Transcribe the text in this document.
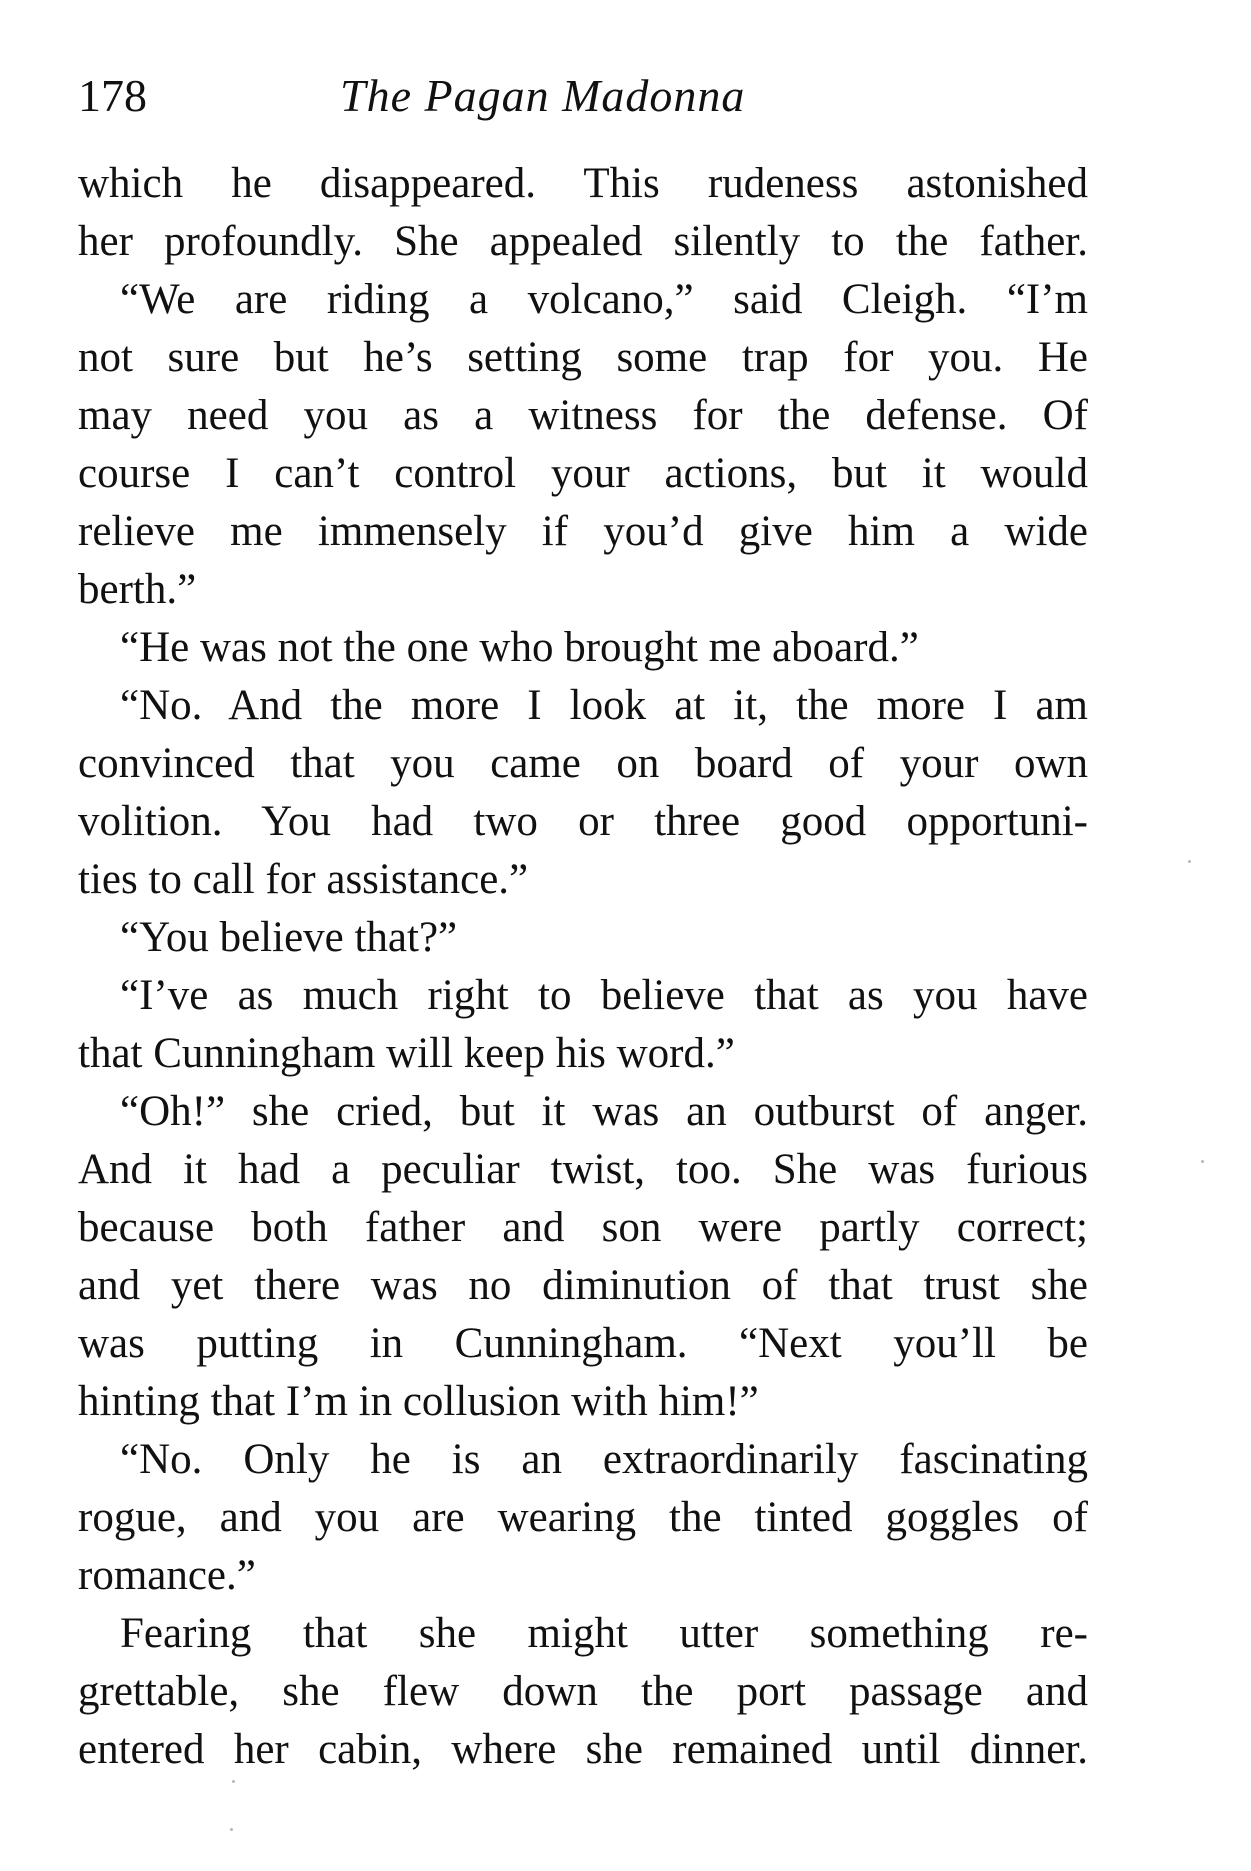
178	The Pagan Madonna
which he disappeared. This rudeness astonished
her profoundly. She appealed silently to the father.
“We are riding a volcano,” said Cleigh. “I’m
not sure but he’s setting some trap for you. He
may need you as a witness for the defense. Of
course I can’t control your actions, but it would
relieve me immensely if you’d give him a wide
berth.”
“He was not the one who brought me aboard.”
“No. And the more I look at it, the more I am
convinced that you came on board of your own
volition. You had two or three good opportuni-
ties to call for assistance.”
“You believe that?”
“I’ve as much right to believe that as you have
that Cunningham will keep his word.”
“Oh!” she cried, but it was an outburst of anger.
And it had a peculiar twist, too. She was furious
because both father and son were partly correct;
and yet there was no diminution of that trust she
was putting in Cunningham. “Next you’ll be
hinting that I’m in collusion with him!”
“No. Only he is an extraordinarily fascinating
rogue, and you are wearing the tinted goggles of
romance.”
Fearing that she might utter something re-
grettable, she flew down the port passage and
entered her cabin, where she remained until dinner.
